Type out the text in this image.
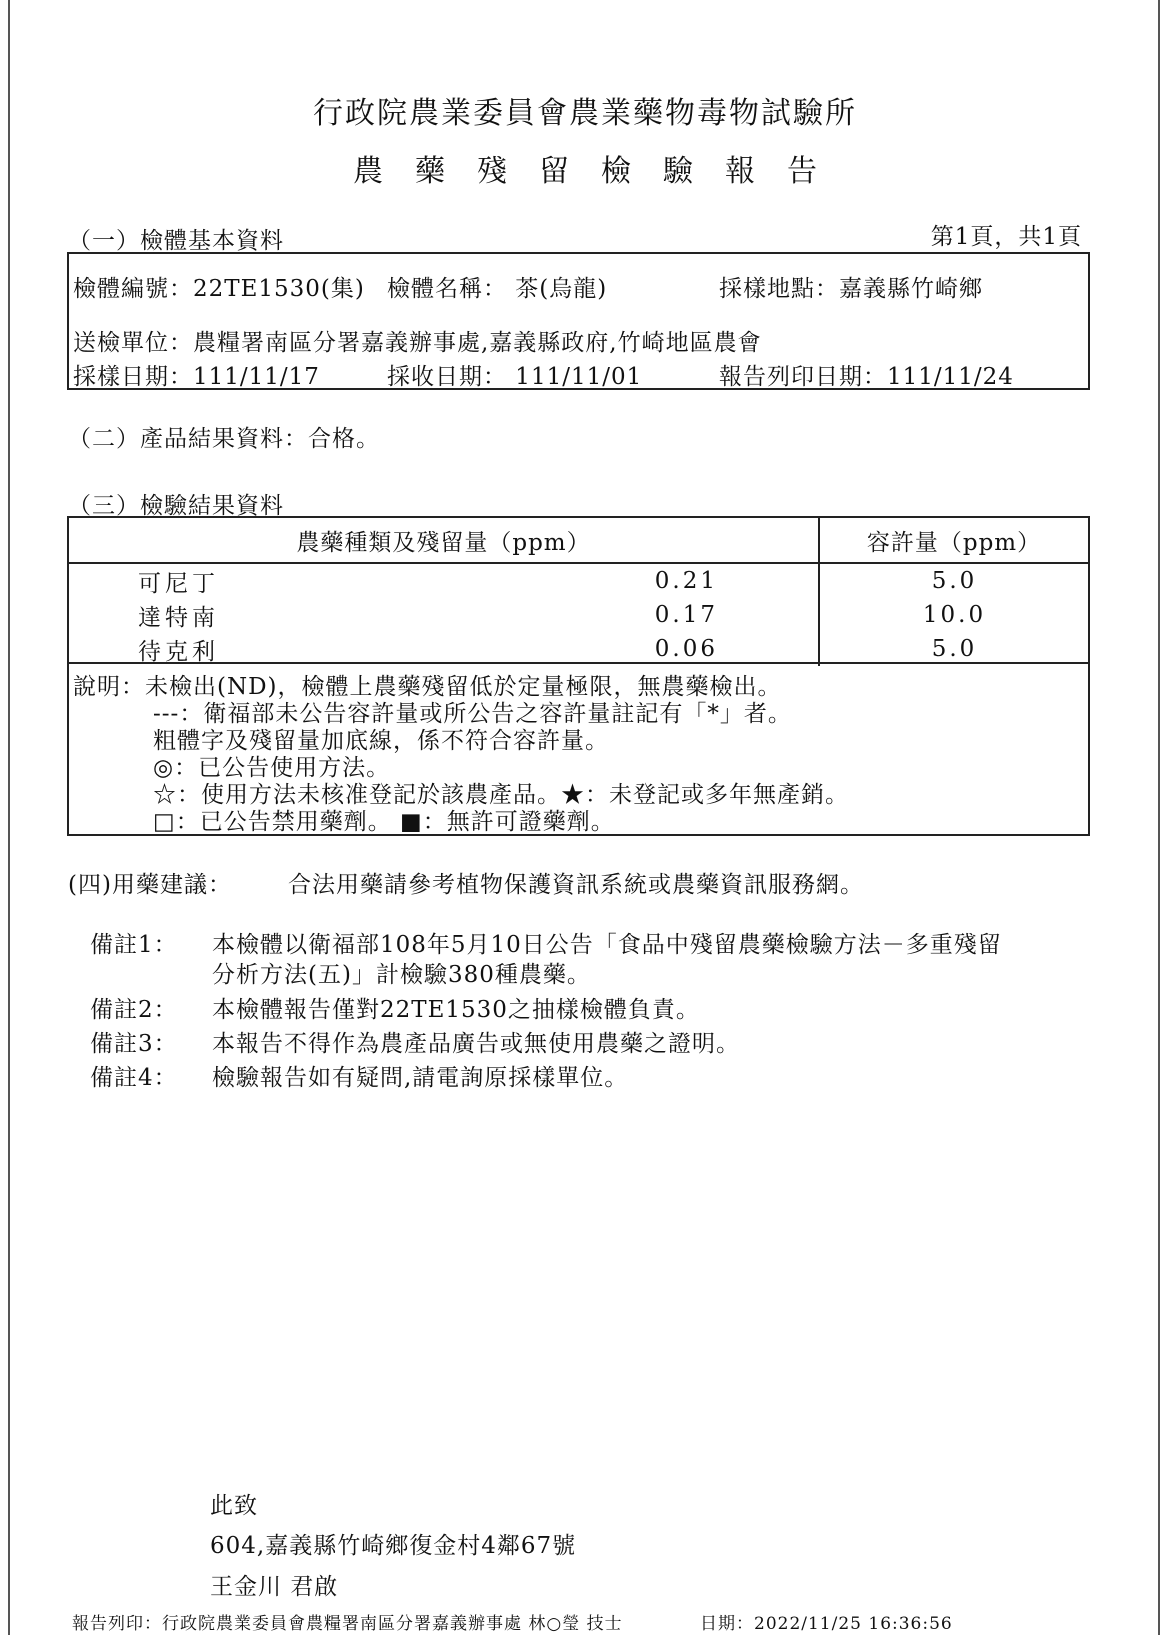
行政院農業委員會農業藥物毒物試驗所
農藥殘留檢驗報告
（一）檢體基本資料	第1頁，共1頁
檢體編號：22TE1530(集) 檢體名稱： 茶(烏龍)	採樣地點：嘉義縣竹崎鄉
送檢單位：農糧署南區分署嘉義辦事處,嘉義縣政府,竹崎地區農會
採樣日期：111/11/17	採收日期： 111/11/01	報告列印日期：111/11/24
（二）產品結果資料：合格。
（三）檢驗結果資料
農藥種類及殘留量（ppm）		容許量（ppm）
可尼丁	0.21	5.0
達特南	0.17	10.0
待克利	0.06	5.0
說明：未檢出(ND)，檢體上農藥殘留低於定量極限，無農藥檢出。
---：衛福部未公告容許量或所公告之容許量註記有「*」者。
粗體字及殘留量加底線，係不符合容許量。
◎：已公告使用方法。
☆：使用方法未核准登記於該農產品。★：未登記或多年無產銷。
□：已公告禁用藥劑。 ■：無許可證藥劑。
(四)用藥建議： 合法用藥請參考植物保護資訊系統或農藥資訊服務網。
備註1： 本檢體以衛福部108年5月10日公告「食品中殘留農藥檢驗方法－多重殘留
分析方法(五)」計檢驗380種農藥。
備註2： 本檢體報告僅對22TE1530之抽樣檢體負責。
備註3： 本報告不得作為農產品廣告或無使用農藥之證明。
備註4： 檢驗報告如有疑問,請電詢原採樣單位。
此致
604,嘉義縣竹崎鄉復金村4鄰67號
王金川 君啟
報告列印：行政院農業委員會農糧署南區分署嘉義辦事處 林○瑩 技士	日期：2022/11/25 16:36:56
